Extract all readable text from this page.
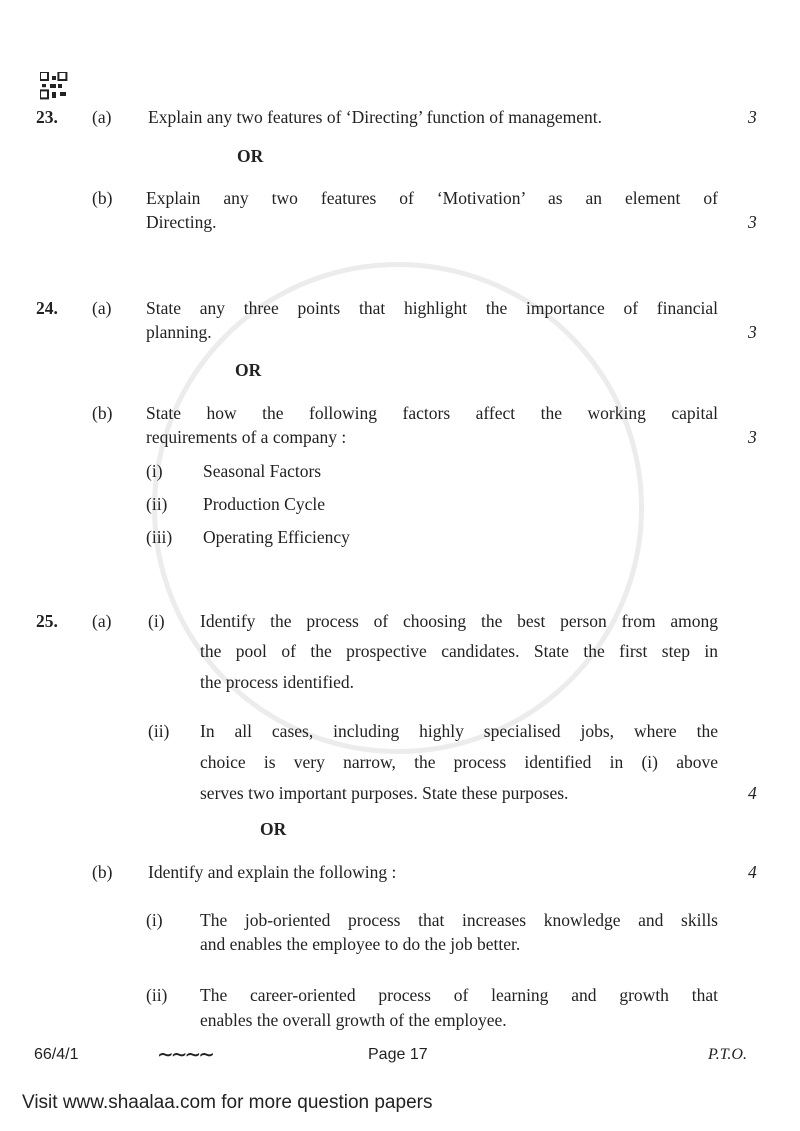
23. (a) Explain any two features of ‘Directing’ function of management.	3
OR
(b) Explain any two features of ‘Motivation’ as an element of
Directing.	3
24. (a) State any three points that highlight the importance of financial
planning.	3
OR
(b) State how the following factors affect the working capital
requirements of a company :	3
(i) Seasonal Factors
(ii) Production Cycle
(iii) Operating Efficiency
25. (a) (i) Identify the process of choosing the best person from among
the pool of the prospective candidates. State the first step in
the process identified.
(ii) In all cases, including highly specialised jobs, where the
choice is very narrow, the process identified in (i) above
serves two important purposes. State these purposes.	4
OR
(b) Identify and explain the following :	4
(i) The job-oriented process that increases knowledge and skills
and enables the employee to do the job better.
(ii) The career-oriented process of learning and growth that
enables the overall growth of the employee.
66/4/1	∼∼∼∼	Page 17	P.T.O.
Visit www.shaalaa.com for more question papers
